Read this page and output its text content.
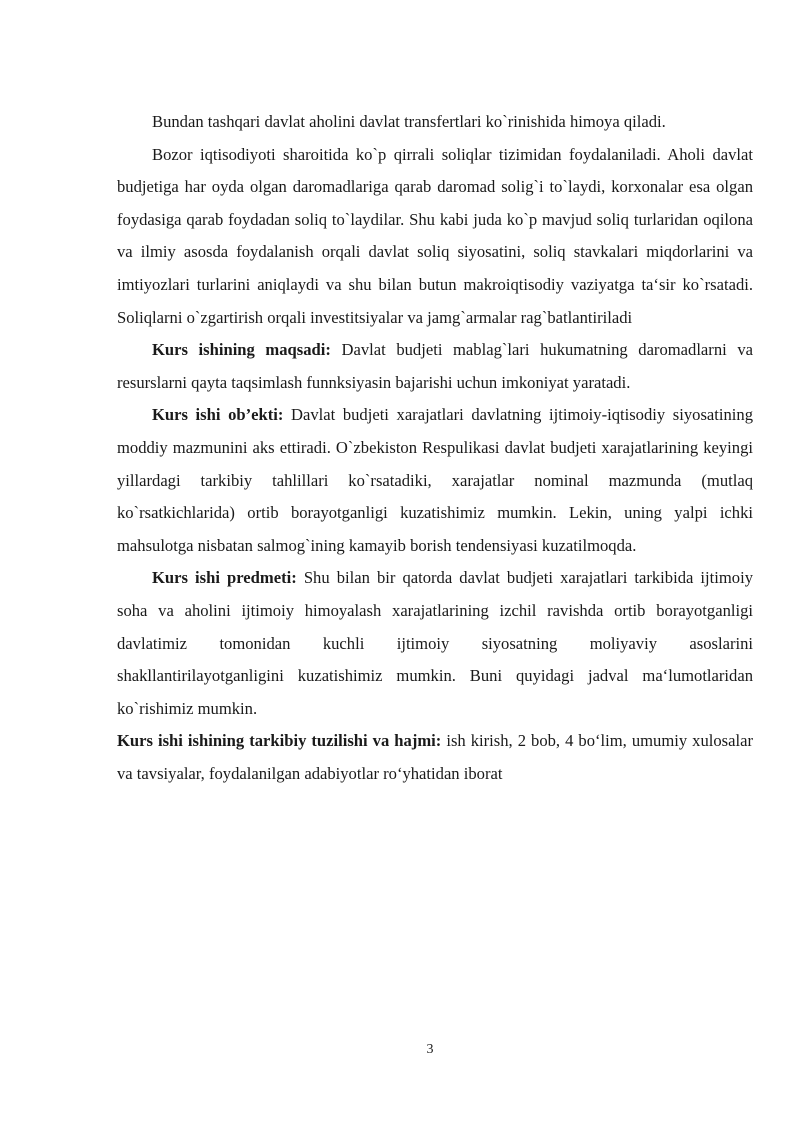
Bundan tashqari davlat aholini davlat transfertlari ko`rinishida himoya qiladi.

Bozor iqtisodiyoti sharoitida ko`p qirrali soliqlar tizimidan foydalaniladi. Aholi davlat budjetiga har oyda olgan daromadlariga qarab daromad solig`i to`laydi, korxonalar esa olgan foydasiga qarab foydadan soliq to`laydilar. Shu kabi juda ko`p mavjud soliq turlaridan oqilona va ilmiy asosda foydalanish orqali davlat soliq siyosatini, soliq stavkalari miqdorlarini va imtiyozlari turlarini aniqlaydi va shu bilan butun makroiqtisodiy vaziyatga ta‘sir ko`rsatadi. Soliqlarni o`zgartirish orqali investitsiyalar va jamg`armalar rag`batlantiriladi

Kurs ishining maqsadi: Davlat budjeti mablag`lari hukumatning daromadlarni va resurslarni qayta taqsimlash funnksiyasin bajarishi uchun imkoniyat yaratadi.

Kurs ishi ob’ekti: Davlat budjeti xarajatlari davlatning ijtimoiy-iqtisodiy siyosatining moddiy mazmunini aks ettiradi. O`zbekiston Respulikasi davlat budjeti xarajatlarining keyingi yillardagi tarkibiy tahlillari ko`rsatadiki, xarajatlar nominal mazmunda (mutlaq ko`rsatkichlarida) ortib borayotganligi kuzatishimiz mumkin. Lekin, uning yalpi ichki mahsulotga nisbatan salmog`ining kamayib borish tendensiyasi kuzatilmoqda.

Kurs ishi predmeti: Shu bilan bir qatorda davlat budjeti xarajatlari tarkibida ijtimoiy soha va aholini ijtimoiy himoyalash xarajatlarining izchil ravishda ortib borayotganligi davlatimiz tomonidan kuchli ijtimoiy siyosatning moliyaviy asoslarini shakllantirilayotganligini kuzatishimiz mumkin. Buni quyidagi jadval ma‘lumotlaridan ko`rishimiz mumkin.

Kurs ishi ishining tarkibiy tuzilishi va hajmi: ish kirish, 2 bob, 4 bo‘lim, umumiy xulosalar va tavsiyalar, foydalanilgan adabiyotlar ro‘yhatidan iborat

3
